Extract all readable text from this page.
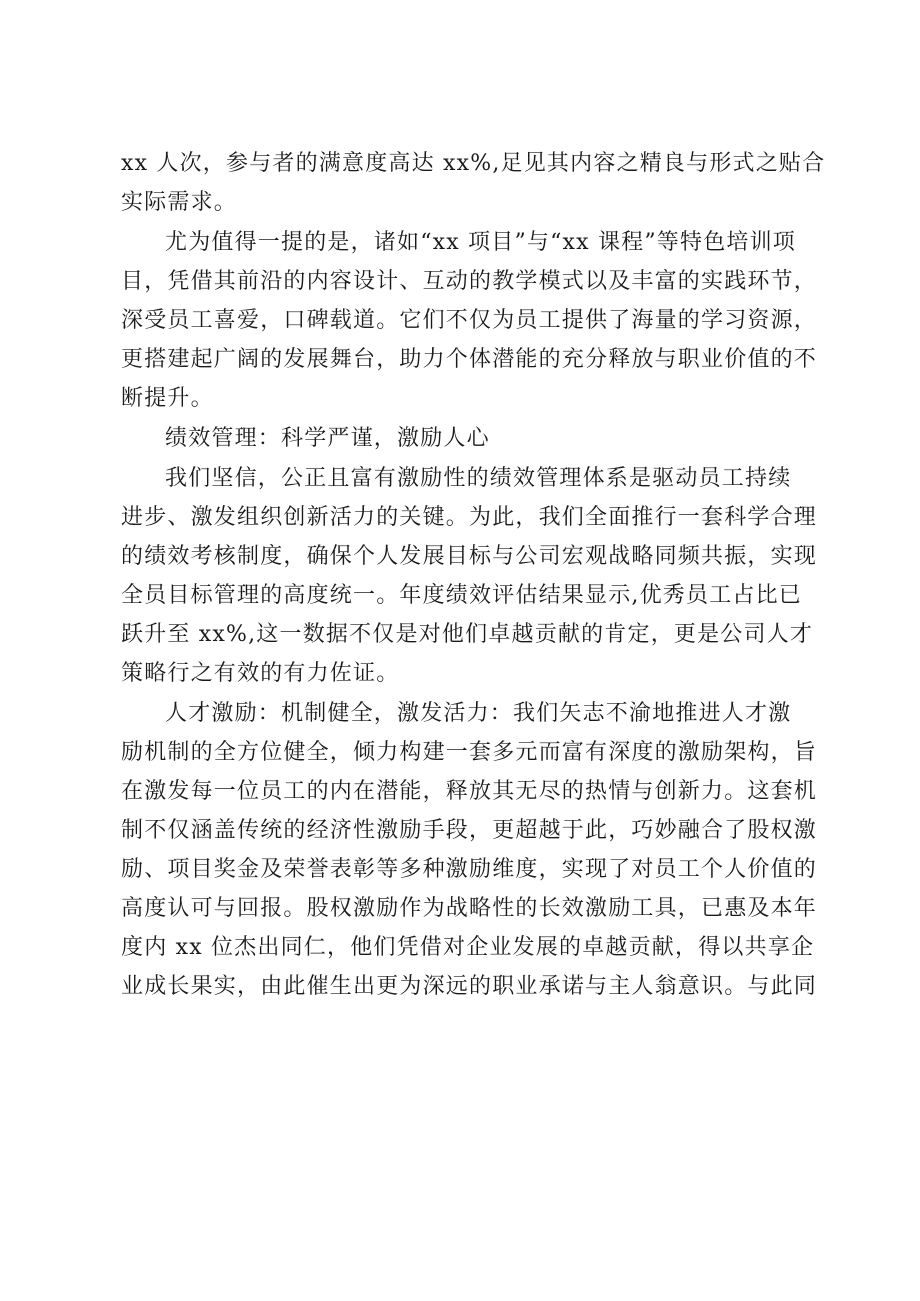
xx 人次，参与者的满意度高达 xx%,足见其内容之精良与形式之贴合
实际需求。

尤为值得一提的是，诸如“xx 项目”与“xx 课程”等特色培训项
目，凭借其前沿的内容设计、互动的教学模式以及丰富的实践环节，
深受员工喜爱，口碑载道。它们不仅为员工提供了海量的学习资源，
更搭建起广阔的发展舞台，助力个体潜能的充分释放与职业价值的不
断提升。

绩效管理：科学严谨，激励人心

我们坚信，公正且富有激励性的绩效管理体系是驱动员工持续
进步、激发组织创新活力的关键。为此，我们全面推行一套科学合理
的绩效考核制度，确保个人发展目标与公司宏观战略同频共振，实现
全员目标管理的高度统一。年度绩效评估结果显示,优秀员工占比已
跃升至 xx%,这一数据不仅是对他们卓越贡献的肯定，更是公司人才
策略行之有效的有力佐证。

人才激励：机制健全，激发活力：我们矢志不渝地推进人才激
励机制的全方位健全，倾力构建一套多元而富有深度的激励架构，旨
在激发每一位员工的内在潜能，释放其无尽的热情与创新力。这套机
制不仅涵盖传统的经济性激励手段，更超越于此，巧妙融合了股权激
励、项目奖金及荣誉表彰等多种激励维度，实现了对员工个人价值的
高度认可与回报。股权激励作为战略性的长效激励工具，已惠及本年
度内 xx 位杰出同仁，他们凭借对企业发展的卓越贡献，得以共享企
业成长果实，由此催生出更为深远的职业承诺与主人翁意识。与此同
